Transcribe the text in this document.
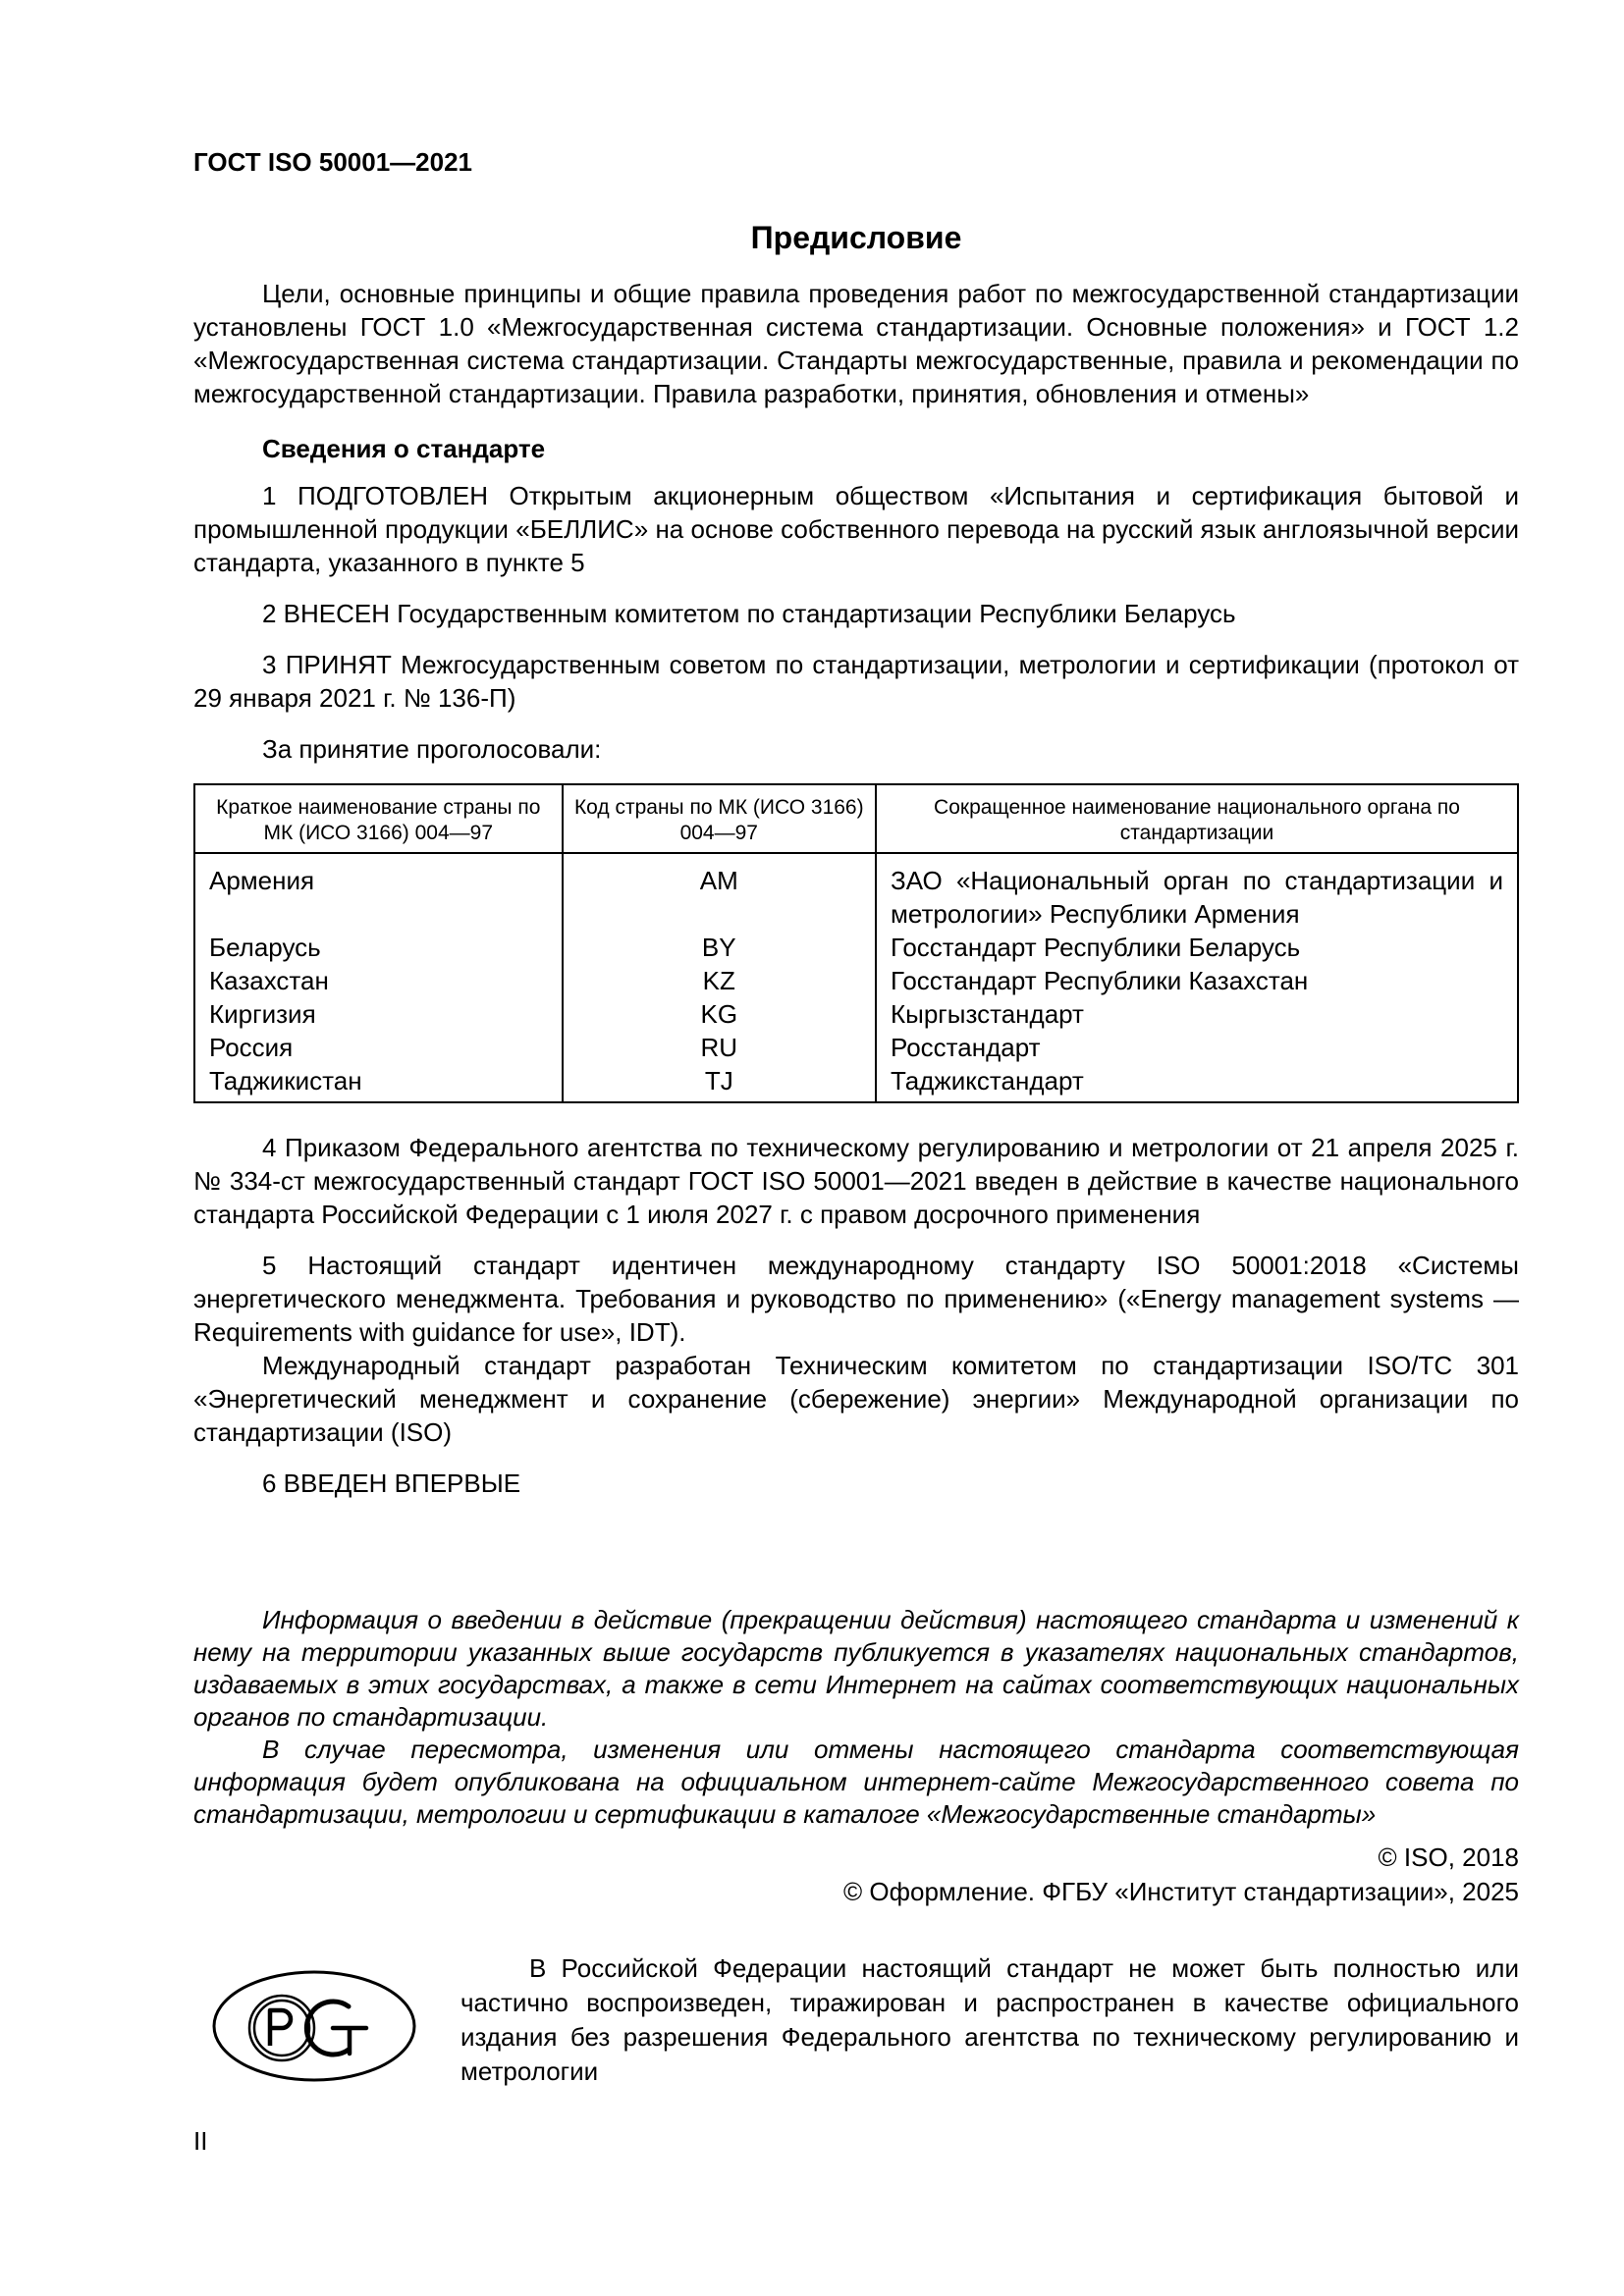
ГОСТ ISO 50001—2021
Предисловие

Цели, основные принципы и общие правила проведения работ по межгосударственной стандартизации установлены ГОСТ 1.0 «Межгосударственная система стандартизации. Основные положения» и ГОСТ 1.2 «Межгосударственная система стандартизации. Стандарты межгосударственные, правила и рекомендации по межгосударственной стандартизации. Правила разработки, принятия, обновления и отмены»

Сведения о стандарте

1 ПОДГОТОВЛЕН Открытым акционерным обществом «Испытания и сертификация бытовой и промышленной продукции «БЕЛЛИС» на основе собственного перевода на русский язык англоязычной версии стандарта, указанного в пункте 5

2 ВНЕСЕН Государственным комитетом по стандартизации Республики Беларусь

3 ПРИНЯТ Межгосударственным советом по стандартизации, метрологии и сертификации (протокол от 29 января 2021 г. № 136-П)

За принятие проголосовали:

Краткое наименование страны по МК (ИСО 3166) 004—97	Код страны по МК (ИСО 3166) 004—97	Сокращенное наименование национального органа по стандартизации
Армения	AM	ЗАО «Национальный орган по стандартизации и метрологии» Республики Армения
Беларусь	BY	Госстандарт Республики Беларусь
Казахстан	KZ	Госстандарт Республики Казахстан
Киргизия	KG	Кыргызстандарт
Россия	RU	Росстандарт
Таджикистан	TJ	Таджикстандарт

4 Приказом Федерального агентства по техническому регулированию и метрологии от 21 апреля 2025 г. № 334-ст межгосударственный стандарт ГОСТ ISO 50001—2021 введен в действие в качестве национального стандарта Российской Федерации с 1 июля 2027 г. с правом досрочного применения

5 Настоящий стандарт идентичен международному стандарту ISO 50001:2018 «Системы энергетического менеджмента. Требования и руководство по применению» («Energy management systems — Requirements with guidance for use», IDT).

Международный стандарт разработан Техническим комитетом по стандартизации ISO/TC 301 «Энергетический менеджмент и сохранение (сбережение) энергии» Международной организации по стандартизации (ISO)

6 ВВЕДЕН ВПЕРВЫЕ

Информация о введении в действие (прекращении действия) настоящего стандарта и изменений к нему на территории указанных выше государств публикуется в указателях национальных стандартов, издаваемых в этих государствах, а также в сети Интернет на сайтах соответствующих национальных органов по стандартизации.

В случае пересмотра, изменения или отмены настоящего стандарта соответствующая информация будет опубликована на официальном интернет-сайте Межгосударственного совета по стандартизации, метрологии и сертификации в каталоге «Межгосударственные стандарты»

© ISO, 2018
© Оформление. ФГБУ «Институт стандартизации», 2025

В Российской Федерации настоящий стандарт не может быть полностью или частично воспроизведен, тиражирован и распространен в качестве официального издания без разрешения Федерального агентства по техническому регулированию и метрологии

II
